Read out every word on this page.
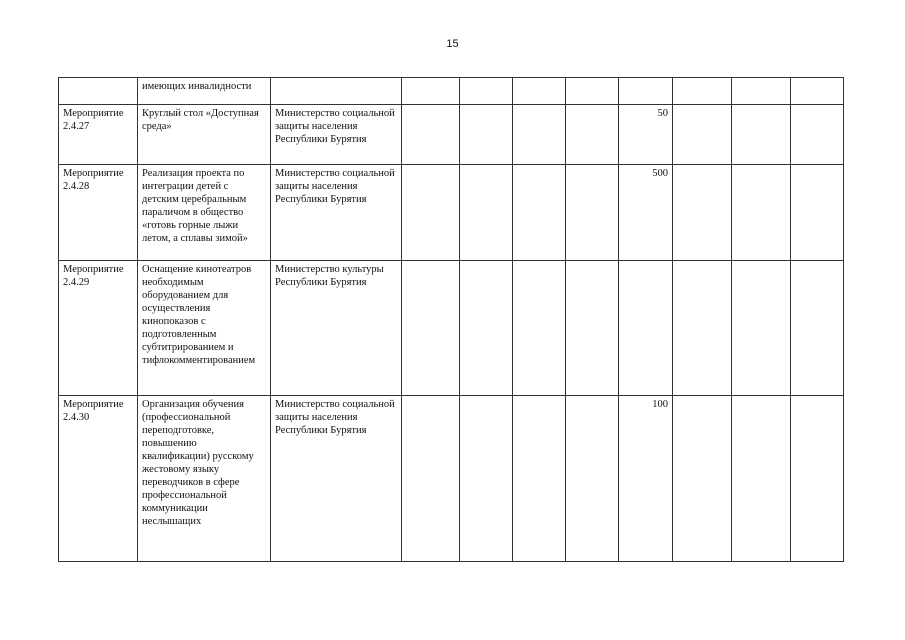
15
	имеющих инвалидности									
Мероприятие 2.4.27	Круглый стол «Доступная среда»	Министерство социальной защиты населения Республики Бурятия					50			
Мероприятие 2.4.28	Реализация проекта по интеграции детей с детским церебральным параличом в общество «готовь горные лыжи летом, а сплавы зимой»	Министерство социальной защиты населения Республики Бурятия					500			
Мероприятие 2.4.29	Оснащение кинотеатров необходимым оборудованием для осуществления кинопоказов с подготовленным субтитрированием и тифлокомментированием	Министерство культуры Республики Бурятия								
Мероприятие 2.4.30	Организация обучения (профессиональной переподготовке, повышению квалификации) русскому жестовому языку переводчиков в сфере профессиональной коммуникации неслышащих	Министерство социальной защиты населения Республики Бурятия					100			
